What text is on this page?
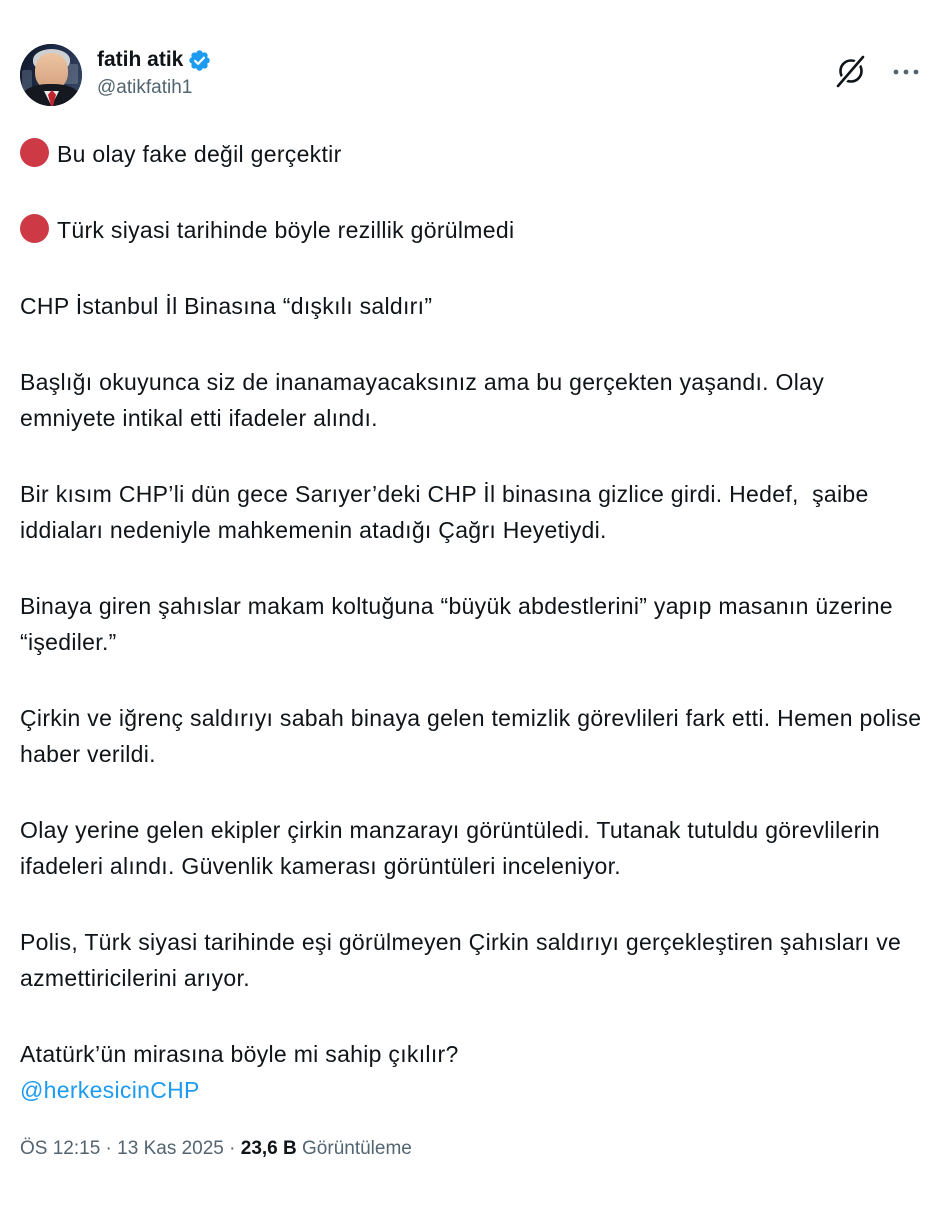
fatih atik
@atikfatih1
Bu olay fake değil gerçektir
Türk siyasi tarihinde böyle rezillik görülmedi
CHP İstanbul İl Binasına “dışkılı saldırı”
Başlığı okuyunca siz de inanamayacaksınız ama bu gerçekten yaşandı. Olay emniyete intikal etti ifadeler alındı.
Bir kısım CHP’li dün gece Sarıyer’deki CHP İl binasına gizlice girdi. Hedef,  şaibe iddiaları nedeniyle mahkemenin atadığı Çağrı Heyetiydi.
Binaya giren şahıslar makam koltuğuna “büyük abdestlerini” yapıp masanın üzerine “işediler.”
Çirkin ve iğrenç saldırıyı sabah binaya gelen temizlik görevlileri fark etti. Hemen polise haber verildi.
Olay yerine gelen ekipler çirkin manzarayı görüntüledi. Tutanak tutuldu görevlilerin ifadeleri alındı. Güvenlik kamerası görüntüleri inceleniyor.
Polis, Türk siyasi tarihinde eşi görülmeyen Çirkin saldırıyı gerçekleştiren şahısları ve azmettiricilerini arıyor.
Atatürk’ün mirasına böyle mi sahip çıkılır?
@herkesicinCHP
ÖS 12:15 · 13 Kas 2025 · 23,6 B Görüntüleme
